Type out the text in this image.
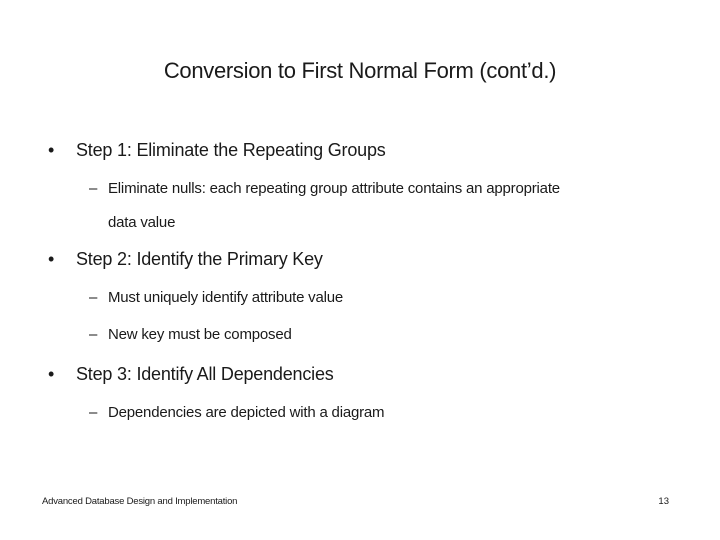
Conversion to First Normal Form (cont’d.)
• Step 1: Eliminate the Repeating Groups
– Eliminate nulls: each repeating group attribute contains an appropriate
data value
• Step 2: Identify the Primary Key
– Must uniquely identify attribute value
– New key must be composed
• Step 3: Identify All Dependencies
– Dependencies are depicted with a diagram
Advanced Database Design and Implementation	13
